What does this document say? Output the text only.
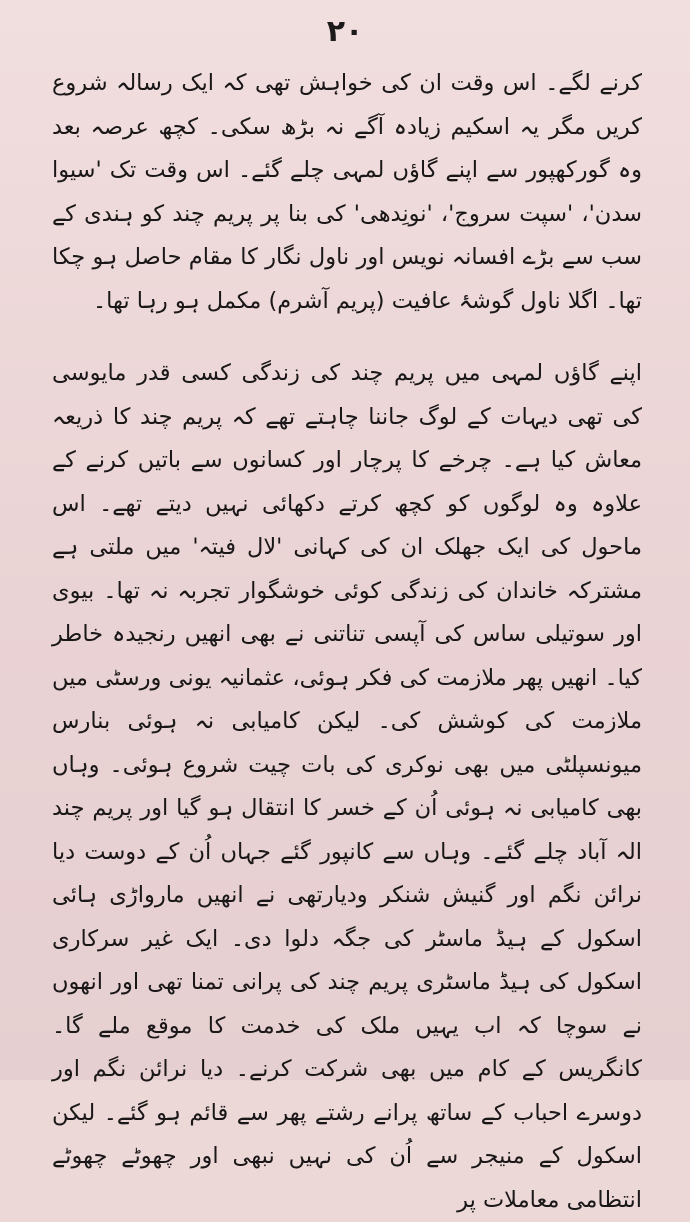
۲۰

کرنے لگے۔ اس وقت ان کی خواہش تھی کہ ایک رسالہ شروع کریں مگر یہ اسکیم زیادہ آگے نہ بڑھ سکی۔ کچھ عرصہ بعد وہ گورکھپور سے اپنے گاؤں لمہی چلے گئے۔ اس وقت تک 'سیوا سدن'، 'سپت سروج'، 'نونِدھی' کی بنا پر پریم چند کو ہندی کے سب سے بڑے افسانہ نویس اور ناول نگار کا مقام حاصل ہو چکا تھا۔ اگلا ناول گوشۂ عافیت (پریم آشرم) مکمل ہو رہا تھا۔

اپنے گاؤں لمہی میں پریم چند کی زندگی کسی قدر مایوسی کی تھی دیہات کے لوگ جاننا چاہتے تھے کہ پریم چند کا ذریعہ معاش کیا ہے۔ چرخے کا پرچار اور کسانوں سے باتیں کرنے کے علاوہ وہ لوگوں کو کچھ کرتے دکھائی نہیں دیتے تھے۔ اس ماحول کی ایک جھلک ان کی کہانی 'لال فیتہ' میں ملتی ہے مشترکہ خاندان کی زندگی کوئی خوشگوار تجربہ نہ تھا۔ بیوی اور سوتیلی ساس کی آپسی تناتنی نے بھی انھیں رنجیدہ خاطر کیا۔ انھیں پھر ملازمت کی فکر ہوئی، عثمانیہ یونی ورسٹی میں ملازمت کی کوشش کی۔ لیکن کامیابی نہ ہوئی بنارس میونسپلٹی میں بھی نوکری کی بات چیت شروع ہوئی۔ وہاں بھی کامیابی نہ ہوئی اُن کے خسر کا انتقال ہو گیا اور پریم چند الہ آباد چلے گئے۔ وہاں سے کانپور گئے جہاں اُن کے دوست دیا نرائن نگم اور گنیش شنکر ودیارتھی نے انھیں مارواڑی ہائی اسکول کے ہیڈ ماسٹر کی جگہ دلوا دی۔ ایک غیر سرکاری اسکول کی ہیڈ ماسٹری پریم چند کی پرانی تمنا تھی اور انھوں نے سوچا کہ اب یہیں ملک کی خدمت کا موقع ملے گا۔ کانگریس کے کام میں بھی شرکت کرنے۔ دیا نرائن نگم اور دوسرے احباب کے ساتھ پرانے رشتے پھر سے قائم ہو گئے۔ لیکن اسکول کے منیجر سے اُن کی نہیں نبھی اور چھوٹے چھوٹے انتظامی معاملات پر
